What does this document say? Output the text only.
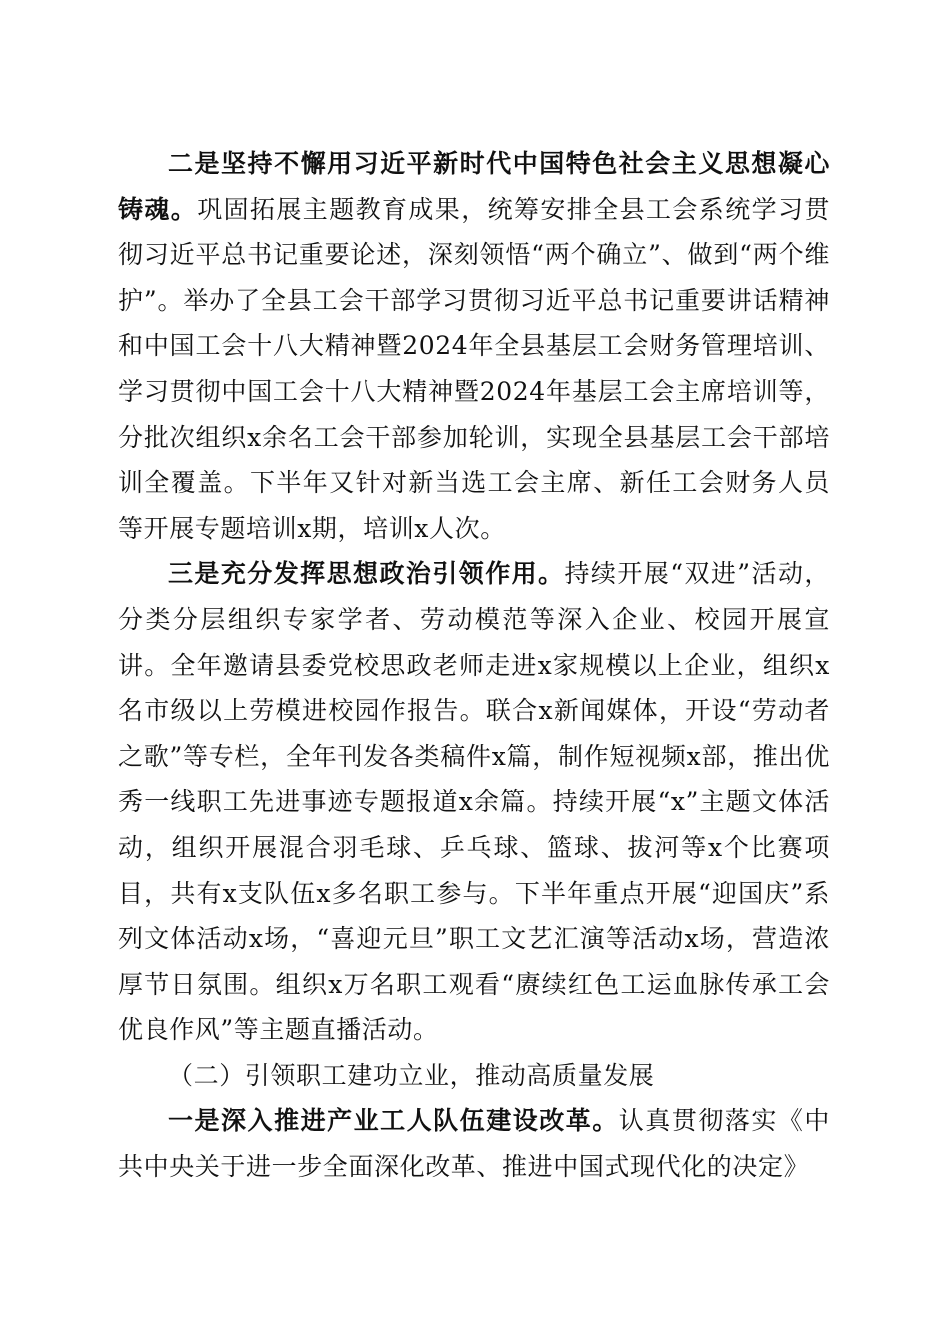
二是坚持不懈用习近平新时代中国特色社会主义思想凝心铸魂。巩固拓展主题教育成果，统筹安排全县工会系统学习贯彻习近平总书记重要论述，深刻领悟“两个确立”、做到“两个维护”。举办了全县工会干部学习贯彻习近平总书记重要讲话精神和中国工会十八大精神暨2024年全县基层工会财务管理培训、学习贯彻中国工会十八大精神暨2024年基层工会主席培训等，分批次组织x余名工会干部参加轮训，实现全县基层工会干部培训全覆盖。下半年又针对新当选工会主席、新任工会财务人员等开展专题培训x期，培训x人次。

三是充分发挥思想政治引领作用。持续开展“双进”活动，分类分层组织专家学者、劳动模范等深入企业、校园开展宣讲。全年邀请县委党校思政老师走进x家规模以上企业，组织x名市级以上劳模进校园作报告。联合x新闻媒体，开设“劳动者之歌”等专栏，全年刊发各类稿件x篇，制作短视频x部，推出优秀一线职工先进事迹专题报道x余篇。持续开展“x”主题文体活动，组织开展混合羽毛球、乒乓球、篮球、拔河等x个比赛项目，共有x支队伍x多名职工参与。下半年重点开展“迎国庆”系列文体活动x场，“喜迎元旦”职工文艺汇演等活动x场，营造浓厚节日氛围。组织x万名职工观看“赓续红色工运血脉传承工会优良作风”等主题直播活动。

（二）引领职工建功立业，推动高质量发展

一是深入推进产业工人队伍建设改革。认真贯彻落实《中共中央关于进一步全面深化改革、推进中国式现代化的决定》
